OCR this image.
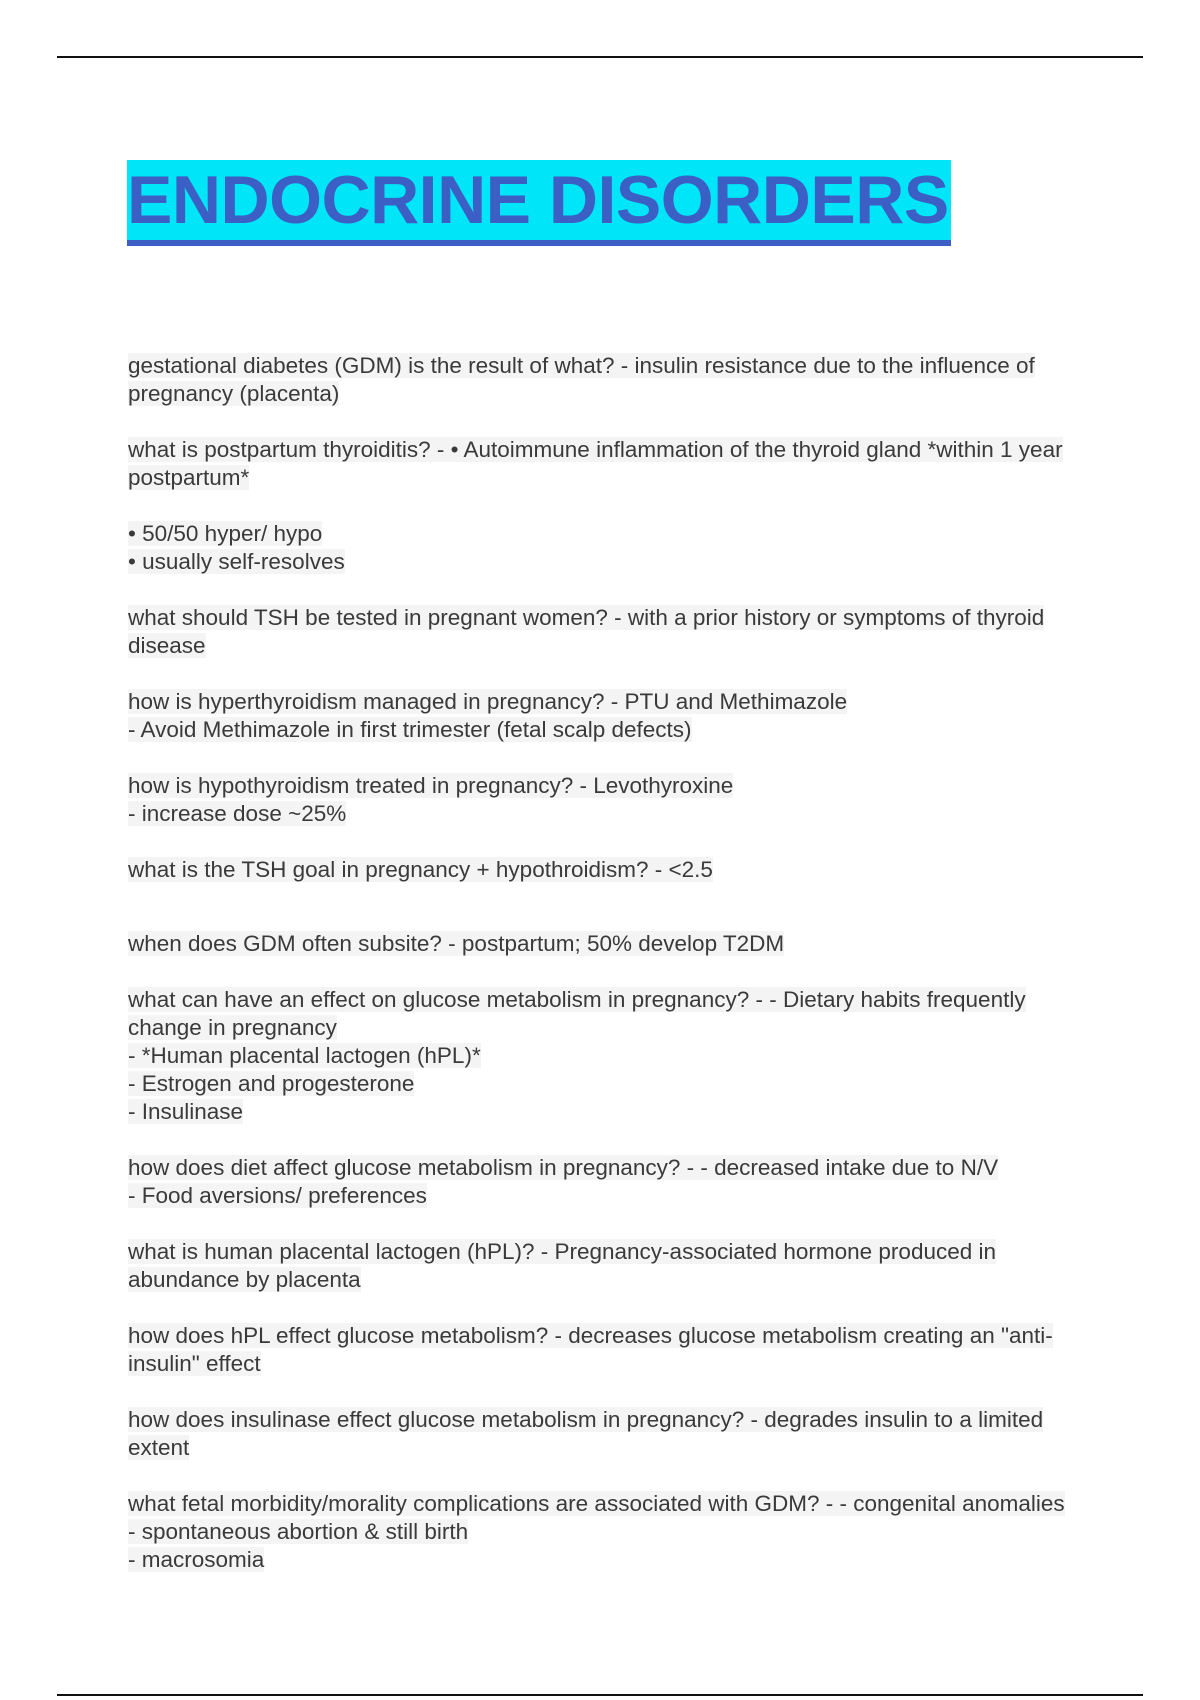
ENDOCRINE DISORDERS
gestational diabetes (GDM) is the result of what? - insulin resistance due to the influence of
pregnancy (placenta)
what is postpartum thyroiditis? - • Autoimmune inflammation of the thyroid gland *within 1 year
postpartum*
• 50/50 hyper/ hypo
• usually self-resolves
what should TSH be tested in pregnant women? - with a prior history or symptoms of thyroid
disease
how is hyperthyroidism managed in pregnancy? - PTU and Methimazole
- Avoid Methimazole in first trimester (fetal scalp defects)
how is hypothyroidism treated in pregnancy? - Levothyroxine
- increase dose ~25%
what is the TSH goal in pregnancy + hypothroidism? - <2.5
when does GDM often subsite? - postpartum; 50% develop T2DM
what can have an effect on glucose metabolism in pregnancy? - - Dietary habits frequently
change in pregnancy
- *Human placental lactogen (hPL)*
- Estrogen and progesterone
- Insulinase
how does diet affect glucose metabolism in pregnancy? - - decreased intake due to N/V
- Food aversions/ preferences
what is human placental lactogen (hPL)? - Pregnancy-associated hormone produced in
abundance by placenta
how does hPL effect glucose metabolism? - decreases glucose metabolism creating an "anti-
insulin" effect
how does insulinase effect glucose metabolism in pregnancy? - degrades insulin to a limited
extent
what fetal morbidity/morality complications are associated with GDM? - - congenital anomalies
- spontaneous abortion & still birth
- macrosomia
